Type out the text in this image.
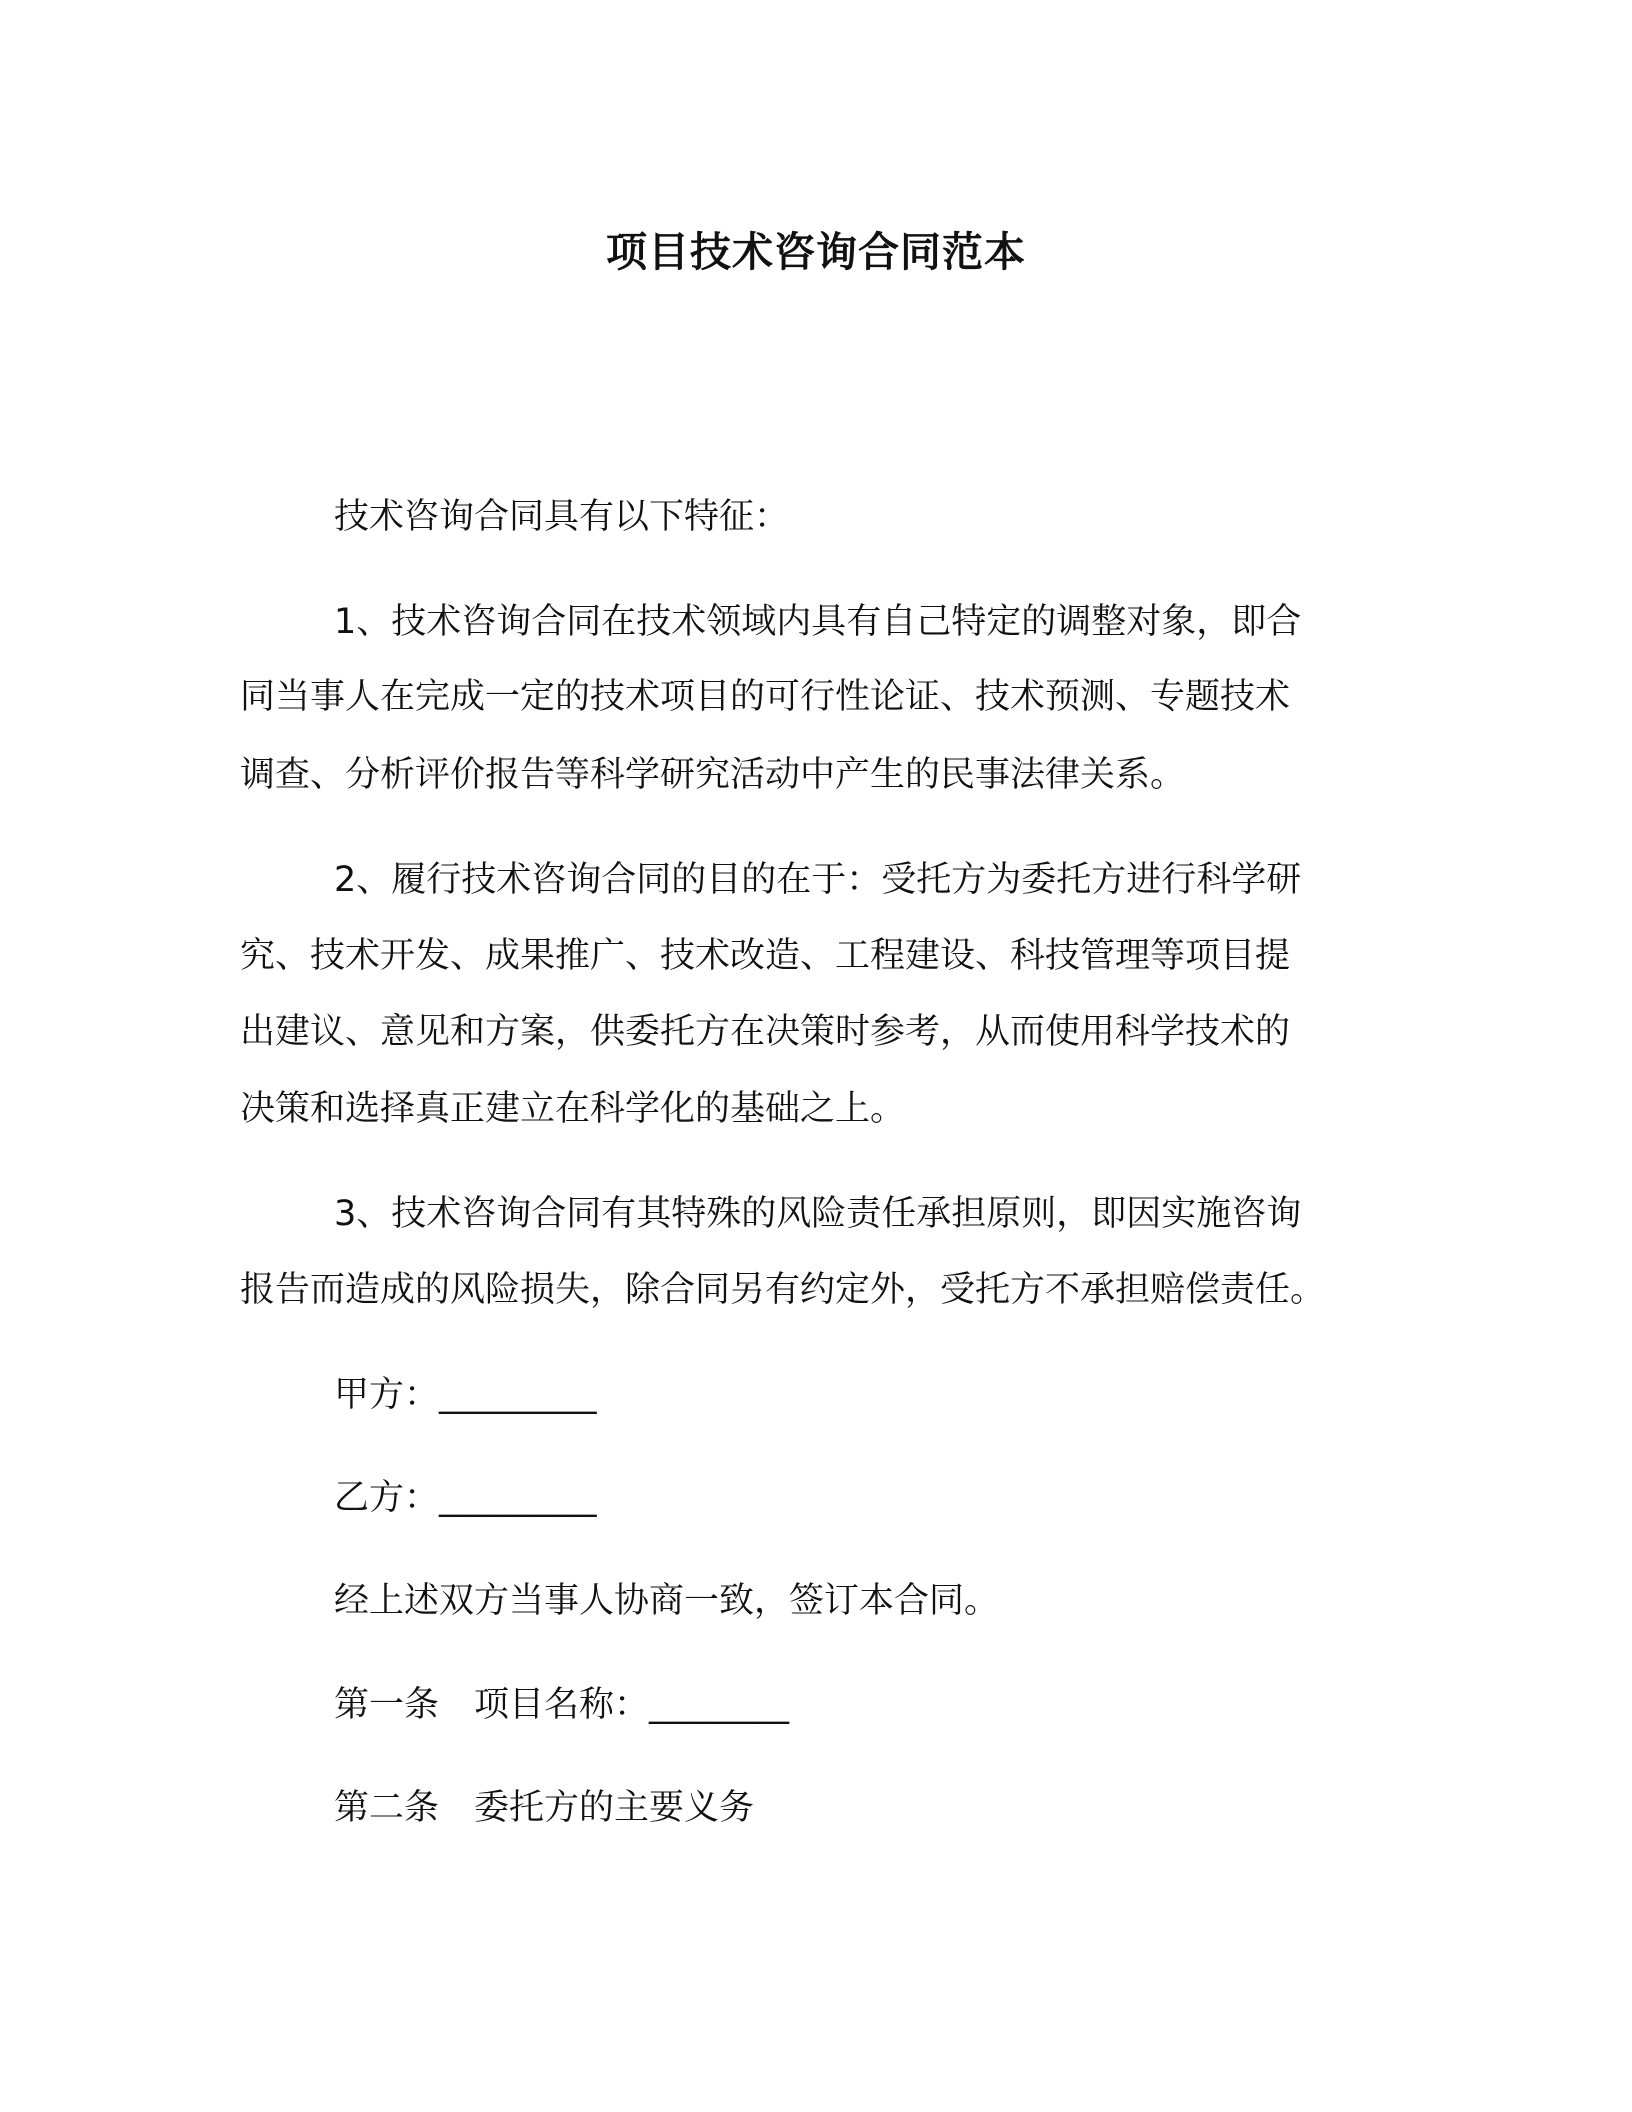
项目技术咨询合同范本

技术咨询合同具有以下特征：

1、技术咨询合同在技术领域内具有自己特定的调整对象，即合

同当事人在完成一定的技术项目的可行性论证、技术预测、专题技术

调查、分析评价报告等科学研究活动中产生的民事法律关系。

2、履行技术咨询合同的目的在于：受托方为委托方进行科学研

究、技术开发、成果推广、技术改造、工程建设、科技管理等项目提

出建议、意见和方案，供委托方在决策时参考，从而使用科学技术的

决策和选择真正建立在科学化的基础之上。

3、技术咨询合同有其特殊的风险责任承担原则，即因实施咨询

报告而造成的风险损失，除合同另有约定外，受托方不承担赔偿责任。

甲方：_________

乙方：_________

经上述双方当事人协商一致，签订本合同。

第一条　项目名称：________

第二条　委托方的主要义务
